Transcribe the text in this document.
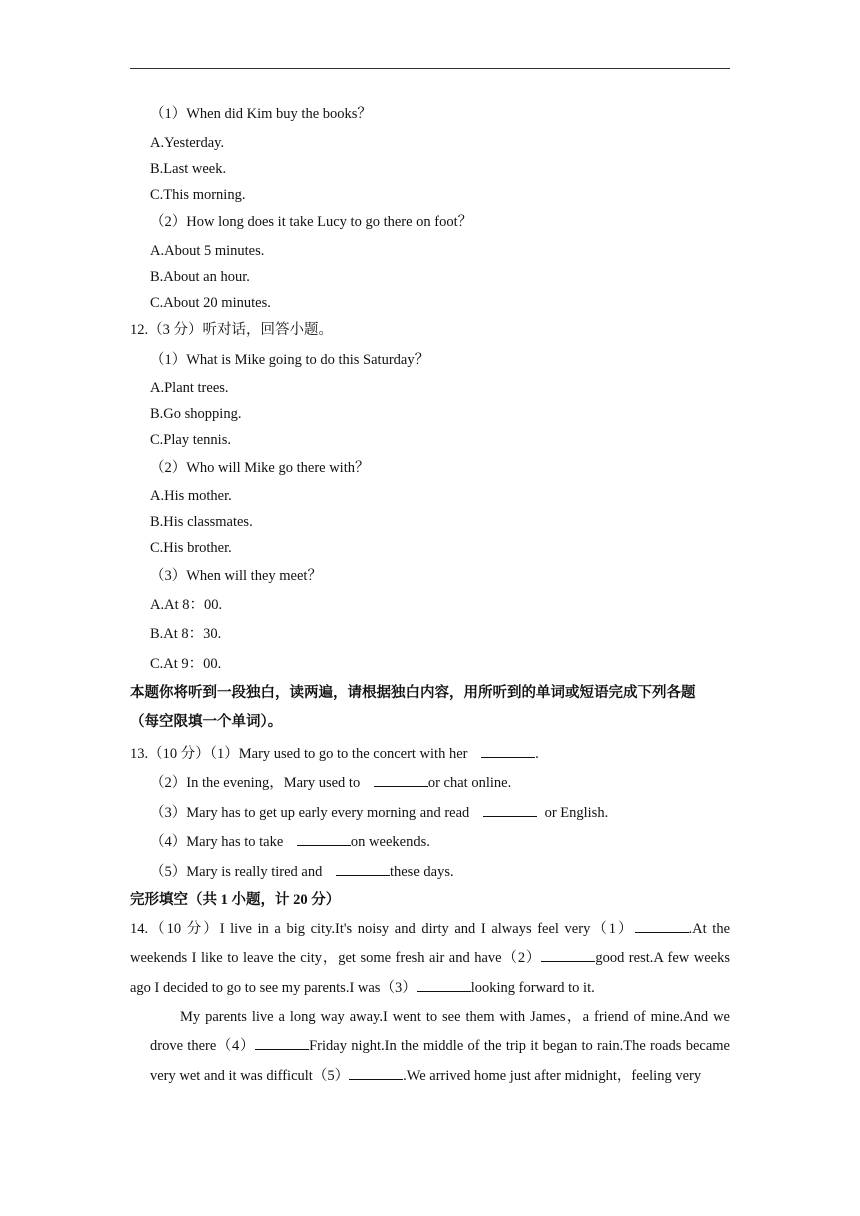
（1）When did Kim buy the books？
A.Yesterday.
B.Last week.
C.This morning.
（2）How long does it take Lucy to go there on foot？
A.About 5 minutes.
B.About an hour.
C.About 20 minutes.
12.（3 分）听对话，回答小题。
（1）What is Mike going to do this Saturday？
A.Plant trees.
B.Go shopping.
C.Play tennis.
（2）Who will Mike go there with？
A.His mother.
B.His classmates.
C.His brother.
（3）When will they meet？
A.At 8：00.
B.At 8：30.
C.At 9：00.
本题你将听到一段独白，读两遍，请根据独白内容，用所听到的单词或短语完成下列各题
（每空限填一个单词）。
13.（10 分）（1）Mary used to go to the concert with her	.
（2）In the evening，Mary used to	or chat online.
（3）Mary has to get up early every morning and read	or English.
（4）Mary has to take	on weekends.
（5）Mary is really tired and	these days.
完形填空（共 1 小题，计 20 分）
14.（10 分）I live in a big city.It's noisy and dirty and I always feel very（1）	.At the weekends I like to leave the city，get some fresh air and have（2）	good rest.A few weeks ago I decided to go to see my parents.I was（3）	looking forward to it.
My parents live a long way away.I went to see them with James，a friend of mine.And we drove there（4）	Friday night.In the middle of the trip it began to rain.The roads became very wet and it was difficult（5）	.We arrived home just after midnight，feeling very
